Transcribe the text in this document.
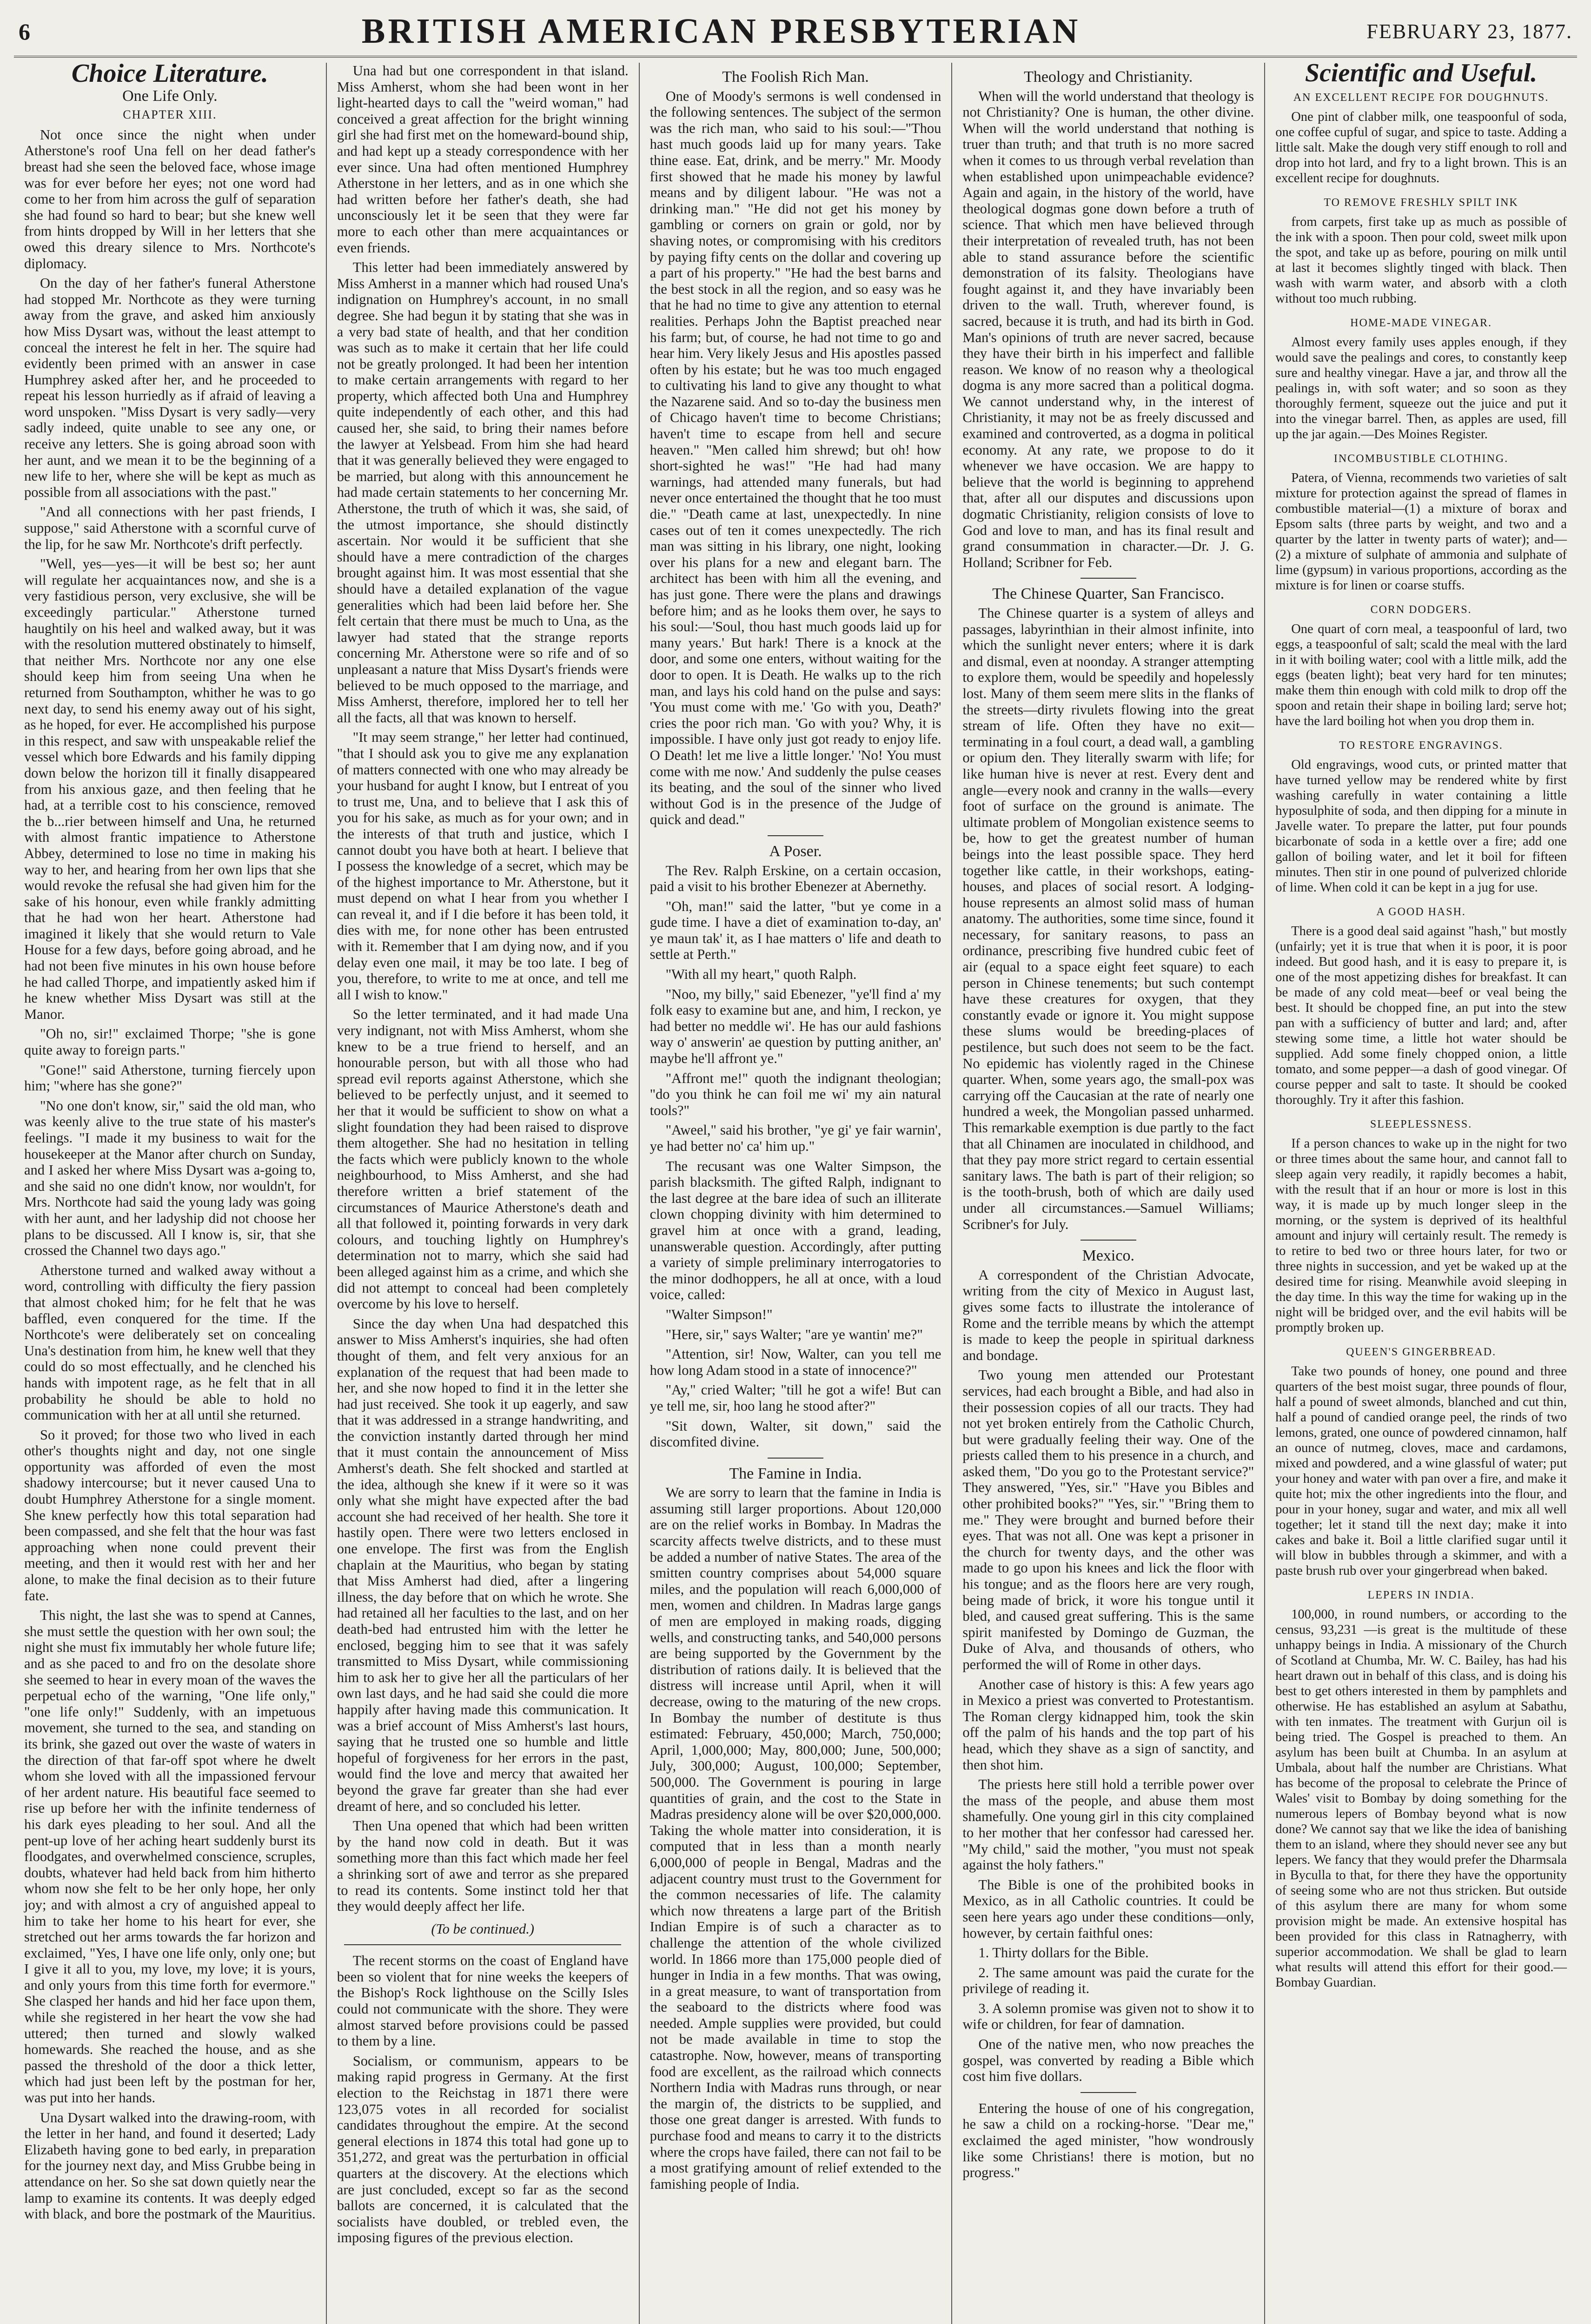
6	BRITISH AMERICAN PRESBYTERIAN	FEBRUARY 23, 1877.
Choice Literature.
One Life Only.
CHAPTER XIII.

Not once since the night when under Atherstone's roof Una fell on her dead father's breast had she seen the beloved face, whose image was for ever before her eyes; not one word had come to her from him across the gulf of separation she had found so hard to bear; but she knew well from hints dropped by Will in her letters that she owed this dreary silence to Mrs. Northcote's diplomacy.

On the day of her father's funeral Atherstone had stopped Mr. Northcote as they were turning away from the grave, and asked him anxiously how Miss Dysart was, without the least attempt to conceal the interest he felt in her. The squire had evidently been primed with an answer in case Humphrey asked after her, and he proceeded to repeat his lesson hurriedly as if afraid of leaving a word unspoken. "Miss Dysart is very sadly—very sadly indeed, quite unable to see any one, or receive any letters. She is going abroad soon with her aunt, and we mean it to be the beginning of a new life to her, where she will be kept as much as possible from all associations with the past."

"And all connections with her past friends, I suppose," said Atherstone with a scornful curve of the lip, for he saw Mr. Northcote's drift perfectly.

"Well, yes—yes—it will be best so; her aunt will regulate her acquaintances now, and she is a very fastidious person, very exclusive, she will be exceedingly particular." Atherstone turned haughtily on his heel and walked away, but it was with the resolution muttered obstinately to himself, that neither Mrs. Northcote nor any one else should keep him from seeing Una when he returned from Southampton, whither he was to go next day, to send his enemy away out of his sight, as he hoped, for ever. He accomplished his purpose in this respect, and saw with unspeakable relief the vessel which bore Edwards and his family dipping down below the horizon till it finally disappeared from his anxious gaze, and then feeling that he had, at a terrible cost to his conscience, removed the b...rier between himself and Una, he returned with almost frantic impatience to Atherstone Abbey, determined to lose no time in making his way to her, and hearing from her own lips that she would revoke the refusal she had given him for the sake of his honour, even while frankly admitting that he had won her heart. Atherstone had imagined it likely that she would return to Vale House for a few days, before going abroad, and he had not been five minutes in his own house before he had called Thorpe, and impatiently asked him if he knew whether Miss Dysart was still at the Manor.

"Oh no, sir!" exclaimed Thorpe; "she is gone quite away to foreign parts."

"Gone!" said Atherstone, turning fiercely upon him; "where has she gone?"

"No one don't know, sir," said the old man, who was keenly alive to the true state of his master's feelings. "I made it my business to wait for the housekeeper at the Manor after church on Sunday, and I asked her where Miss Dysart was a-going to, and she said no one didn't know, nor wouldn't, for Mrs. Northcote had said the young lady was going with her aunt, and her ladyship did not choose her plans to be discussed. All I know is, sir, that she crossed the Channel two days ago."

Atherstone turned and walked away without a word, controlling with difficulty the fiery passion that almost choked him; for he felt that he was baffled, even conquered for the time. If the Northcote's were deliberately set on concealing Una's destination from him, he knew well that they could do so most effectually, and he clenched his hands with impotent rage, as he felt that in all probability he should be able to hold no communication with her at all until she returned.

So it proved; for those two who lived in each other's thoughts night and day, not one single opportunity was afforded of even the most shadowy intercourse; but it never caused Una to doubt Humphrey Atherstone for a single moment. She knew perfectly how this total separation had been compassed, and she felt that the hour was fast approaching when none could prevent their meeting, and then it would rest with her and her alone, to make the final decision as to their future fate.

This night, the last she was to spend at Cannes, she must settle the question with her own soul; the night she must fix immutably her whole future life; and as she paced to and fro on the desolate shore she seemed to hear in every moan of the waves the perpetual echo of the warning, "One life only," "one life only!" Suddenly, with an impetuous movement, she turned to the sea, and standing on its brink, she gazed out over the waste of waters in the direction of that far-off spot where he dwelt whom she loved with all the impassioned fervour of her ardent nature. His beautiful face seemed to rise up before her with the infinite tenderness of his dark eyes pleading to her soul. And all the pent-up love of her aching heart suddenly burst its floodgates, and overwhelmed conscience, scruples, doubts, whatever had held back from him hitherto whom now she felt to be her only hope, her only joy; and with almost a cry of anguished appeal to him to take her home to his heart for ever, she stretched out her arms towards the far horizon and exclaimed, "Yes, I have one life only, only one; but I give it all to you, my love, my love; it is yours, and only yours from this time forth for evermore." She clasped her hands and hid her face upon them, while she registered in her heart the vow she had uttered; then turned and slowly walked homewards. She reached the house, and as she passed the threshold of the door a thick letter, which had just been left by the postman for her, was put into her hands.

Una Dysart walked into the drawing-room, with the letter in her hand, and found it deserted; Lady Elizabeth having gone to bed early, in preparation for the journey next day, and Miss Grubbe being in attendance on her. So she sat down quietly near the lamp to examine its contents. It was deeply edged with black, and bore the postmark of the Mauritius.

Una had but one correspondent in that island. Miss Amherst, whom she had been wont in her light-hearted days to call the "weird woman," had conceived a great affection for the bright winning girl she had first met on the homeward-bound ship, and had kept up a steady correspondence with her ever since. Una had often mentioned Humphrey Atherstone in her letters, and as in one which she had written before her father's death, she had unconsciously let it be seen that they were far more to each other than mere acquaintances or even friends.

This letter had been immediately answered by Miss Amherst in a manner which had roused Una's indignation on Humphrey's account, in no small degree. She had begun it by stating that she was in a very bad state of health, and that her condition was such as to make it certain that her life could not be greatly prolonged. It had been her intention to make certain arrangements with regard to her property, which affected both Una and Humphrey quite independently of each other, and this had caused her, she said, to bring their names before the lawyer at Yelsbead. From him she had heard that it was generally believed they were engaged to be married, but along with this announcement he had made certain statements to her concerning Mr. Atherstone, the truth of which it was, she said, of the utmost importance, she should distinctly ascertain. Nor would it be sufficient that she should have a mere contradiction of the charges brought against him. It was most essential that she should have a detailed explanation of the vague generalities which had been laid before her. She felt certain that there must be much to Una, as the lawyer had stated that the strange reports concerning Mr. Atherstone were so rife and of so unpleasant a nature that Miss Dysart's friends were believed to be much opposed to the marriage, and Miss Amherst, therefore, implored her to tell her all the facts, all that was known to herself.

"It may seem strange," her letter had continued, "that I should ask you to give me any explanation of matters connected with one who may already be your husband for aught I know, but I entreat of you to trust me, Una, and to believe that I ask this of you for his sake, as much as for your own; and in the interests of that truth and justice, which I cannot doubt you have both at heart. I believe that I possess the knowledge of a secret, which may be of the highest importance to Mr. Atherstone, but it must depend on what I hear from you whether I can reveal it, and if I die before it has been told, it dies with me, for none other has been entrusted with it. Remember that I am dying now, and if you delay even one mail, it may be too late. I beg of you, therefore, to write to me at once, and tell me all I wish to know."

So the letter terminated, and it had made Una very indignant, not with Miss Amherst, whom she knew to be a true friend to herself, and an honourable person, but with all those who had spread evil reports against Atherstone, which she believed to be perfectly unjust, and it seemed to her that it would be sufficient to show on what a slight foundation they had been raised to disprove them altogether. She had no hesitation in telling the facts which were publicly known to the whole neighbourhood, to Miss Amherst, and she had therefore written a brief statement of the circumstances of Maurice Atherstone's death and all that followed it, pointing forwards in very dark colours, and touching lightly on Humphrey's determination not to marry, which she said had been alleged against him as a crime, and which she did not attempt to conceal had been completely overcome by his love to herself.

Since the day when Una had despatched this answer to Miss Amherst's inquiries, she had often thought of them, and felt very anxious for an explanation of the request that had been made to her, and she now hoped to find it in the letter she had just received. She took it up eagerly, and saw that it was addressed in a strange handwriting, and the conviction instantly darted through her mind that it must contain the announcement of Miss Amherst's death. She felt shocked and startled at the idea, although she knew if it were so it was only what she might have expected after the bad account she had received of her health. She tore it hastily open. There were two letters enclosed in one envelope. The first was from the English chaplain at the Mauritius, who began by stating that Miss Amherst had died, after a lingering illness, the day before that on which he wrote. She had retained all her faculties to the last, and on her death-bed had entrusted him with the letter he enclosed, begging him to see that it was safely transmitted to Miss Dysart, while commissioning him to ask her to give her all the particulars of her own last days, and he had said she could die more happily after having made this communication. It was a brief account of Miss Amherst's last hours, saying that he trusted one so humble and little hopeful of forgiveness for her errors in the past, would find the love and mercy that awaited her beyond the grave far greater than she had ever dreamt of here, and so concluded his letter.

Then Una opened that which had been written by the hand now cold in death. But it was something more than this fact which made her feel a shrinking sort of awe and terror as she prepared to read its contents. Some instinct told her that they would deeply affect her life.

(To be continued.)

The recent storms on the coast of England have been so violent that for nine weeks the keepers of the Bishop's Rock lighthouse on the Scilly Isles could not communicate with the shore. They were almost starved before provisions could be passed to them by a line.

Socialism, or communism, appears to be making rapid progress in Germany. At the first election to the Reichstag in 1871 there were 123,075 votes in all recorded for socialist candidates throughout the empire. At the second general elections in 1874 this total had gone up to 351,272, and great was the perturbation in official quarters at the discovery. At the elections which are just concluded, except so far as the second ballots are concerned, it is calculated that the socialists have doubled, or trebled even, the imposing figures of the previous election.

The Foolish Rich Man.

One of Moody's sermons is well condensed in the following sentences. The subject of the sermon was the rich man, who said to his soul:—"Thou hast much goods laid up for many years. Take thine ease. Eat, drink, and be merry." Mr. Moody first showed that he made his money by lawful means and by diligent labour. "He was not a drinking man." "He did not get his money by gambling or corners on grain or gold, nor by shaving notes, or compromising with his creditors by paying fifty cents on the dollar and covering up a part of his property." "He had the best barns and the best stock in all the region, and so easy was he that he had no time to give any attention to eternal realities. Perhaps John the Baptist preached near his farm; but, of course, he had not time to go and hear him. Very likely Jesus and His apostles passed often by his estate; but he was too much engaged to cultivating his land to give any thought to what the Nazarene said. And so to-day the business men of Chicago haven't time to become Christians; haven't time to escape from hell and secure heaven." "Men called him shrewd; but oh! how short-sighted he was!" "He had had many warnings, had attended many funerals, but had never once entertained the thought that he too must die." "Death came at last, unexpectedly. In nine cases out of ten it comes unexpectedly. The rich man was sitting in his library, one night, looking over his plans for a new and elegant barn. The architect has been with him all the evening, and has just gone. There were the plans and drawings before him; and as he looks them over, he says to his soul:—'Soul, thou hast much goods laid up for many years.' But hark! There is a knock at the door, and some one enters, without waiting for the door to open. It is Death. He walks up to the rich man, and lays his cold hand on the pulse and says: 'You must come with me.' 'Go with you, Death?' cries the poor rich man. 'Go with you? Why, it is impossible. I have only just got ready to enjoy life. O Death! let me live a little longer.' 'No! You must come with me now.' And suddenly the pulse ceases its beating, and the soul of the sinner who lived without God is in the presence of the Judge of quick and dead."

A Poser.

The Rev. Ralph Erskine, on a certain occasion, paid a visit to his brother Ebenezer at Abernethy.

"Oh, man!" said the latter, "but ye come in a gude time. I have a diet of examination to-day, an' ye maun tak' it, as I hae matters o' life and death to settle at Perth."

"With all my heart," quoth Ralph.

"Noo, my billy," said Ebenezer, "ye'll find a' my folk easy to examine but ane, and him, I reckon, ye had better no meddle wi'. He has our auld fashions way o' answerin' ae question by putting anither, an' maybe he'll affront ye."

"Affront me!" quoth the indignant theologian; "do you think he can foil me wi' my ain natural tools?"

"Aweel," said his brother, "ye gi' ye fair warnin', ye had better no' ca' him up."

The recusant was one Walter Simpson, the parish blacksmith. The gifted Ralph, indignant to the last degree at the bare idea of such an illiterate clown chopping divinity with him determined to gravel him at once with a grand, leading, unanswerable question. Accordingly, after putting a variety of simple preliminary interrogatories to the minor dodhoppers, he all at once, with a loud voice, called:

"Walter Simpson!"

"Here, sir," says Walter; "are ye wantin' me?"

"Attention, sir! Now, Walter, can you tell me how long Adam stood in a state of innocence?"

"Ay," cried Walter; "till he got a wife! But can ye tell me, sir, hoo lang he stood after?"

"Sit down, Walter, sit down," said the discomfited divine.

The Famine in India.

We are sorry to learn that the famine in India is assuming still larger proportions. About 120,000 are on the relief works in Bombay. In Madras the scarcity affects twelve districts, and to these must be added a number of native States. The area of the smitten country comprises about 54,000 square miles, and the population will reach 6,000,000 of men, women and children. In Madras large gangs of men are employed in making roads, digging wells, and constructing tanks, and 540,000 persons are being supported by the Government by the distribution of rations daily. It is believed that the distress will increase until April, when it will decrease, owing to the maturing of the new crops. In Bombay the number of destitute is thus estimated: February, 450,000; March, 750,000; April, 1,000,000; May, 800,000; June, 500,000; July, 300,000; August, 100,000; September, 500,000. The Government is pouring in large quantities of grain, and the cost to the State in Madras presidency alone will be over $20,000,000. Taking the whole matter into consideration, it is computed that in less than a month nearly 6,000,000 of people in Bengal, Madras and the adjacent country must trust to the Government for the common necessaries of life. The calamity which now threatens a large part of the British Indian Empire is of such a character as to challenge the attention of the whole civilized world. In 1866 more than 175,000 people died of hunger in India in a few months. That was owing, in a great measure, to want of transportation from the seaboard to the districts where food was needed. Ample supplies were provided, but could not be made available in time to stop the catastrophe. Now, however, means of transporting food are excellent, as the railroad which connects Northern India with Madras runs through, or near the margin of, the districts to be supplied, and those one great danger is arrested. With funds to purchase food and means to carry it to the districts where the crops have failed, there can not fail to be a most gratifying amount of relief extended to the famishing people of India.

Theology and Christianity.

When will the world understand that theology is not Christianity? One is human, the other divine. When will the world understand that nothing is truer than truth; and that truth is no more sacred when it comes to us through verbal revelation than when established upon unimpeachable evidence? Again and again, in the history of the world, have theological dogmas gone down before a truth of science. That which men have believed through their interpretation of revealed truth, has not been able to stand assurance before the scientific demonstration of its falsity. Theologians have fought against it, and they have invariably been driven to the wall. Truth, wherever found, is sacred, because it is truth, and had its birth in God. Man's opinions of truth are never sacred, because they have their birth in his imperfect and fallible reason. We know of no reason why a theological dogma is any more sacred than a political dogma. We cannot understand why, in the interest of Christianity, it may not be as freely discussed and examined and controverted, as a dogma in political economy. At any rate, we propose to do it whenever we have occasion. We are happy to believe that the world is beginning to apprehend that, after all our disputes and discussions upon dogmatic Christianity, religion consists of love to God and love to man, and has its final result and grand consummation in character.—Dr. J. G. Holland; Scribner for Feb.

The Chinese Quarter, San Francisco.

The Chinese quarter is a system of alleys and passages, labyrinthian in their almost infinite, into which the sunlight never enters; where it is dark and dismal, even at noonday. A stranger attempting to explore them, would be speedily and hopelessly lost. Many of them seem mere slits in the flanks of the streets—dirty rivulets flowing into the great stream of life. Often they have no exit—terminating in a foul court, a dead wall, a gambling or opium den. They literally swarm with life; for like human hive is never at rest. Every dent and angle—every nook and cranny in the walls—every foot of surface on the ground is animate. The ultimate problem of Mongolian existence seems to be, how to get the greatest number of human beings into the least possible space. They herd together like cattle, in their workshops, eating-houses, and places of social resort. A lodging-house represents an almost solid mass of human anatomy. The authorities, some time since, found it necessary, for sanitary reasons, to pass an ordinance, prescribing five hundred cubic feet of air (equal to a space eight feet square) to each person in Chinese tenements; but such contempt have these creatures for oxygen, that they constantly evade or ignore it. You might suppose these slums would be breeding-places of pestilence, but such does not seem to be the fact. No epidemic has violently raged in the Chinese quarter. When, some years ago, the small-pox was carrying off the Caucasian at the rate of nearly one hundred a week, the Mongolian passed unharmed. This remarkable exemption is due partly to the fact that all Chinamen are inoculated in childhood, and that they pay more strict regard to certain essential sanitary laws. The bath is part of their religion; so is the tooth-brush, both of which are daily used under all circumstances.—Samuel Williams; Scribner's for July.

Mexico.

A correspondent of the Christian Advocate, writing from the city of Mexico in August last, gives some facts to illustrate the intolerance of Rome and the terrible means by which the attempt is made to keep the people in spiritual darkness and bondage.

Two young men attended our Protestant services, had each brought a Bible, and had also in their possession copies of all our tracts. They had not yet broken entirely from the Catholic Church, but were gradually feeling their way. One of the priests called them to his presence in a church, and asked them, "Do you go to the Protestant service?" They answered, "Yes, sir." "Have you Bibles and other prohibited books?" "Yes, sir." "Bring them to me." They were brought and burned before their eyes. That was not all. One was kept a prisoner in the church for twenty days, and the other was made to go upon his knees and lick the floor with his tongue; and as the floors here are very rough, being made of brick, it wore his tongue until it bled, and caused great suffering. This is the same spirit manifested by Domingo de Guzman, the Duke of Alva, and thousands of others, who performed the will of Rome in other days.

Another case of history is this: A few years ago in Mexico a priest was converted to Protestantism. The Roman clergy kidnapped him, took the skin off the palm of his hands and the top part of his head, which they shave as a sign of sanctity, and then shot him.

The priests here still hold a terrible power over the mass of the people, and abuse them most shamefully. One young girl in this city complained to her mother that her confessor had caressed her. "My child," said the mother, "you must not speak against the holy fathers."

The Bible is one of the prohibited books in Mexico, as in all Catholic countries. It could be seen here years ago under these conditions—only, however, by certain faithful ones:

1. Thirty dollars for the Bible.

2. The same amount was paid the curate for the privilege of reading it.

3. A solemn promise was given not to show it to wife or children, for fear of damnation.

One of the native men, who now preaches the gospel, was converted by reading a Bible which cost him five dollars.

Entering the house of one of his congregation, he saw a child on a rocking-horse. "Dear me," exclaimed the aged minister, "how wondrously like some Christians! there is motion, but no progress."

Scientific and Useful.
AN EXCELLENT RECIPE FOR DOUGHNUTS.

One pint of clabber milk, one teaspoonful of soda, one coffee cupful of sugar, and spice to taste. Adding a little salt. Make the dough very stiff enough to roll and drop into hot lard, and fry to a light brown. This is an excellent recipe for doughnuts.

TO REMOVE FRESHLY SPILT INK

from carpets, first take up as much as possible of the ink with a spoon. Then pour cold, sweet milk upon the spot, and take up as before, pouring on milk until at last it becomes slightly tinged with black. Then wash with warm water, and absorb with a cloth without too much rubbing.

HOME-MADE VINEGAR.

Almost every family uses apples enough, if they would save the pealings and cores, to constantly keep sure and healthy vinegar. Have a jar, and throw all the pealings in, with soft water; and so soon as they thoroughly ferment, squeeze out the juice and put it into the vinegar barrel. Then, as apples are used, fill up the jar again.—Des Moines Register.

INCOMBUSTIBLE CLOTHING.

Patera, of Vienna, recommends two varieties of salt mixture for protection against the spread of flames in combustible material—(1) a mixture of borax and Epsom salts (three parts by weight, and two and a quarter by the latter in twenty parts of water); and—(2) a mixture of sulphate of ammonia and sulphate of lime (gypsum) in various proportions, according as the mixture is for linen or coarse stuffs.

CORN DODGERS.

One quart of corn meal, a teaspoonful of lard, two eggs, a teaspoonful of salt; scald the meal with the lard in it with boiling water; cool with a little milk, add the eggs (beaten light); beat very hard for ten minutes; make them thin enough with cold milk to drop off the spoon and retain their shape in boiling lard; serve hot; have the lard boiling hot when you drop them in.

TO RESTORE ENGRAVINGS.

Old engravings, wood cuts, or printed matter that have turned yellow may be rendered white by first washing carefully in water containing a little hyposulphite of soda, and then dipping for a minute in Javelle water. To prepare the latter, put four pounds bicarbonate of soda in a kettle over a fire; add one gallon of boiling water, and let it boil for fifteen minutes. Then stir in one pound of pulverized chloride of lime. When cold it can be kept in a jug for use.

A GOOD HASH.

There is a good deal said against "hash," but mostly (unfairly; yet it is true that when it is poor, it is poor indeed. But good hash, and it is easy to prepare it, is one of the most appetizing dishes for breakfast. It can be made of any cold meat—beef or veal being the best. It should be chopped fine, an put into the stew pan with a sufficiency of butter and lard; and, after stewing some time, a little hot water should be supplied. Add some finely chopped onion, a little tomato, and some pepper—a dash of good vinegar. Of course pepper and salt to taste. It should be cooked thoroughly. Try it after this fashion.

SLEEPLESSNESS.

If a person chances to wake up in the night for two or three times about the same hour, and cannot fall to sleep again very readily, it rapidly becomes a habit, with the result that if an hour or more is lost in this way, it is made up by much longer sleep in the morning, or the system is deprived of its healthful amount and injury will certainly result. The remedy is to retire to bed two or three hours later, for two or three nights in succession, and yet be waked up at the desired time for rising. Meanwhile avoid sleeping in the day time. In this way the time for waking up in the night will be bridged over, and the evil habits will be promptly broken up.

QUEEN'S GINGERBREAD.

Take two pounds of honey, one pound and three quarters of the best moist sugar, three pounds of flour, half a pound of sweet almonds, blanched and cut thin, half a pound of candied orange peel, the rinds of two lemons, grated, one ounce of powdered cinnamon, half an ounce of nutmeg, cloves, mace and cardamons, mixed and powdered, and a wine glassful of water; put your honey and water with pan over a fire, and make it quite hot; mix the other ingredients into the flour, and pour in your honey, sugar and water, and mix all well together; let it stand till the next day; make it into cakes and bake it. Boil a little clarified sugar until it will blow in bubbles through a skimmer, and with a paste brush rub over your gingerbread when baked.

LEPERS IN INDIA.

100,000, in round numbers, or according to the census, 93,231 —is great is the multitude of these unhappy beings in India. A missionary of the Church of Scotland at Chumba, Mr. W. C. Bailey, has had his heart drawn out in behalf of this class, and is doing his best to get others interested in them by pamphlets and otherwise. He has established an asylum at Sabathu, with ten inmates. The treatment with Gurjun oil is being tried. The Gospel is preached to them. An asylum has been built at Chumba. In an asylum at Umbala, about half the number are Christians. What has become of the proposal to celebrate the Prince of Wales' visit to Bombay by doing something for the numerous lepers of Bombay beyond what is now done? We cannot say that we like the idea of banishing them to an island, where they should never see any but lepers. We fancy that they would prefer the Dharmsala in Byculla to that, for there they have the opportunity of seeing some who are not thus stricken. But outside of this asylum there are many for whom some provision might be made. An extensive hospital has been provided for this class in Ratnagherry, with superior accommodation. We shall be glad to learn what results will attend this effort for their good.—Bombay Guardian.
